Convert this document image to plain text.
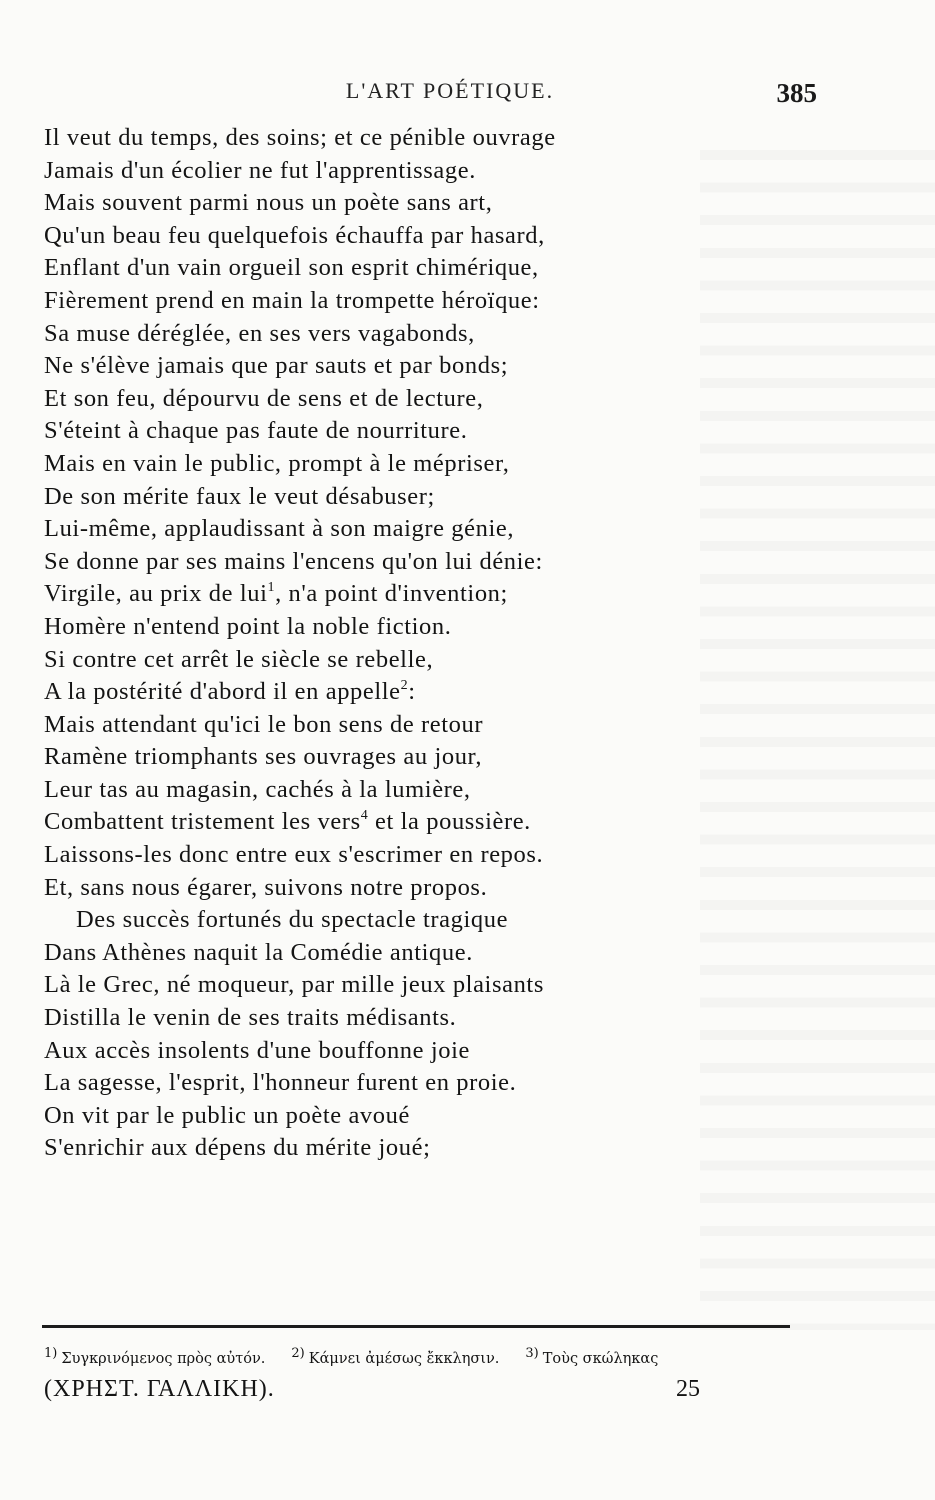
L'ART POÉTIQUE.	385
Il veut du temps, des soins; et ce pénible ouvrage
Jamais d'un écolier ne fut l'apprentissage.
Mais souvent parmi nous un poète sans art,
Qu'un beau feu quelquefois échauffa par hasard,
Enflant d'un vain orgueil son esprit chimérique,
Fièrement prend en main la trompette héroïque:
Sa muse déréglée, en ses vers vagabonds,
Ne s'élève jamais que par sauts et par bonds;
Et son feu, dépourvu de sens et de lecture,
S'éteint à chaque pas faute de nourriture.
Mais en vain le public, prompt à le mépriser,
De son mérite faux le veut désabuser;
Lui-même, applaudissant à son maigre génie,
Se donne par ses mains l'encens qu'on lui dénie:
Virgile, au prix de lui$^1$, n'a point d'invention;
Homère n'entend point la noble fiction.
Si contre cet arrêt le siècle se rebelle,
A la postérité d'abord il en appelle$^2$:
Mais attendant qu'ici le bon sens de retour
Ramène triomphants ses ouvrages au jour,
Leur tas au magasin, cachés à la lumière,
Combattent tristement les vers$^4$ et la poussière.
Laissons-les donc entre eux s'escrimer en repos.
Et, sans nous égarer, suivons notre propos.
Des succès fortunés du spectacle tragique
Dans Athènes naquit la Comédie antique.
Là le Grec, né moqueur, par mille jeux plaisants
Distilla le venin de ses traits médisants.
Aux accès insolents d'une bouffonne joie
La sagesse, l'esprit, l'honneur furent en proie.
On vit par le public un poète avoué
S'enrichir aux dépens du mérite joué;
1) Συγκρινόμενος πρὸς αὐτόν. 2) Κάμνει ἀμέσως ἔκκλησιν. 3) Τοὺς σκώληκας
(ΧΡΗΣΤ. ΓΑΛΛΙΚΗ).	25
